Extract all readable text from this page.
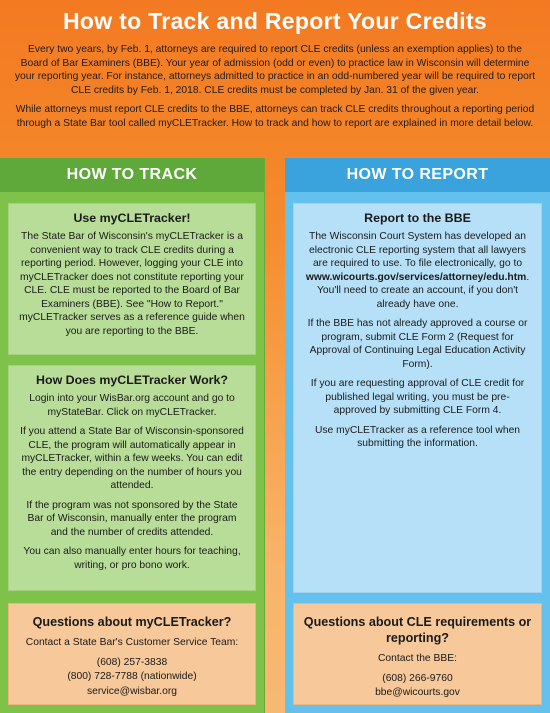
How to Track and Report Your Credits

Every two years, by Feb. 1, attorneys are required to report CLE credits (unless an exemption applies) to the Board of Bar Examiners (BBE). Your year of admission (odd or even) to practice law in Wisconsin will determine your reporting year. For instance, attorneys admitted to practice in an odd-numbered year will be required to report CLE credits by Feb. 1, 2018. CLE credits must be completed by Jan. 31 of the given year.

While attorneys must report CLE credits to the BBE, attorneys can track CLE credits throughout a reporting period through a State Bar tool called myCLETracker. How to track and how to report are explained in more detail below.

HOW TO TRACK
Use myCLETracker!

The State Bar of Wisconsin's myCLETracker is a convenient way to track CLE credits during a reporting period. However, logging your CLE into myCLETracker does not constitute reporting your CLE. CLE must be reported to the Board of Bar Examiners (BBE). See "How to Report." myCLETracker serves as a reference guide when you are reporting to the BBE.

How Does myCLETracker Work?

Login into your WisBar.org account and go to myStateBar. Click on myCLETracker.

If you attend a State Bar of Wisconsin-sponsored CLE, the program will automatically appear in myCLETracker, within a few weeks. You can edit the entry depending on the number of hours you attended.

If the program was not sponsored by the State Bar of Wisconsin, manually enter the program and the number of credits attended.

You can also manually enter hours for teaching, writing, or pro bono work.

Questions about myCLETracker?

Contact a State Bar's Customer Service Team:

(608) 257-3838

(800) 728-7788 (nationwide)

service@wisbar.org

HOW TO REPORT
Report to the BBE

The Wisconsin Court System has developed an electronic CLE reporting system that all lawyers are required to use. To file electronically, go to www.wicourts.gov/services/attorney/edu.htm. You'll need to create an account, if you don't already have one.

If the BBE has not already approved a course or program, submit CLE Form 2 (Request for Approval of Continuing Legal Education Activity Form).

If you are requesting approval of CLE credit for published legal writing, you must be pre-approved by submitting CLE Form 4.

Use myCLETracker as a reference tool when submitting the information.

Questions about CLE requirements or reporting?

Contact the BBE:

(608) 266-9760

bbe@wicourts.gov
